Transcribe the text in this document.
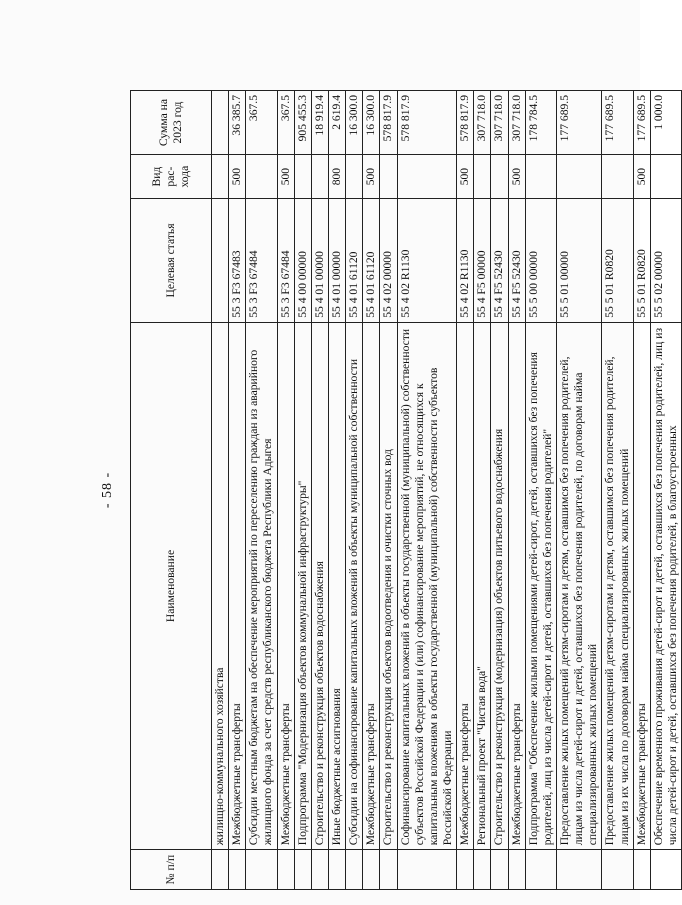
- 58 -
№ п/п	Наименование	Целевая статья	Вид рас-хода	Сумма на 2023 год
	жилищно-коммунального хозяйства			
	Межбюджетные трансферты	55 3 F3 67483	500	36 385.7
	Субсидии местным бюджетам на обеспечение мероприятий по переселению граждан из аварийного жилищного фонда за счет средств республиканского бюджета Республики Адыгея	55 3 F3 67484		367.5
	Межбюджетные трансферты	55 3 F3 67484	500	367.5
	Подпрограмма "Модернизация объектов коммунальной инфраструктуры"	55 4 00 00000		905 455.3
	Строительство и реконструкция объектов водоснабжения	55 4 01 00000		18 919.4
	Иные бюджетные ассигнования	55 4 01 00000	800	2 619.4
	Субсидии на софинансирование капитальных вложений в объекты муниципальной собственности	55 4 01 61120		16 300.0
	Межбюджетные трансферты	55 4 01 61120	500	16 300.0
	Строительство и реконструкция объектов водоотведения и очистки сточных вод	55 4 02 00000		578 817.9
	Софинансирование капитальных вложений в объекты государственной (муниципальной) собственности субъектов Российской Федерации и (или) софинансирование мероприятий, не относящихся к капитальным вложениям в объекты государственной (муниципальной) собственности субъектов Российской Федерации	55 4 02 R1130		578 817.9
	Межбюджетные трансферты	55 4 02 R1130	500	578 817.9
	Региональный проект "Чистая вода"	55 4 F5 00000		307 718.0
	Строительство и реконструкция (модернизация) объектов питьевого водоснабжения	55 4 F5 52430		307 718.0
	Межбюджетные трансферты	55 4 F5 52430	500	307 718.0
	Подпрограмма "Обеспечение жилыми помещениями детей-сирот, детей, оставшихся без попечения родителей, лиц из числа детей-сирот и детей, оставшихся без попечения родителей"	55 5 00 00000		178 784.5
	Предоставление жилых помещений детям-сиротам и детям, оставшимся без попечения родителей, лицам из числа детей-сирот и детей, оставшихся без попечения родителей, по договорам найма специализированных жилых помещений	55 5 01 00000		177 689.5
	Предоставление жилых помещений детям-сиротам и детям, оставшимся без попечения родителей, лицам из их числа по договорам найма специализированных жилых помещений	55 5 01 R0820		177 689.5
	Межбюджетные трансферты	55 5 01 R0820	500	177 689.5
	Обеспечение временного проживания детей-сирот и детей, оставшихся без попечения родителей, лиц из числа детей-сирот и детей, оставшихся без попечения родителей, в благоустроенных	55 5 02 00000		1 000.0
